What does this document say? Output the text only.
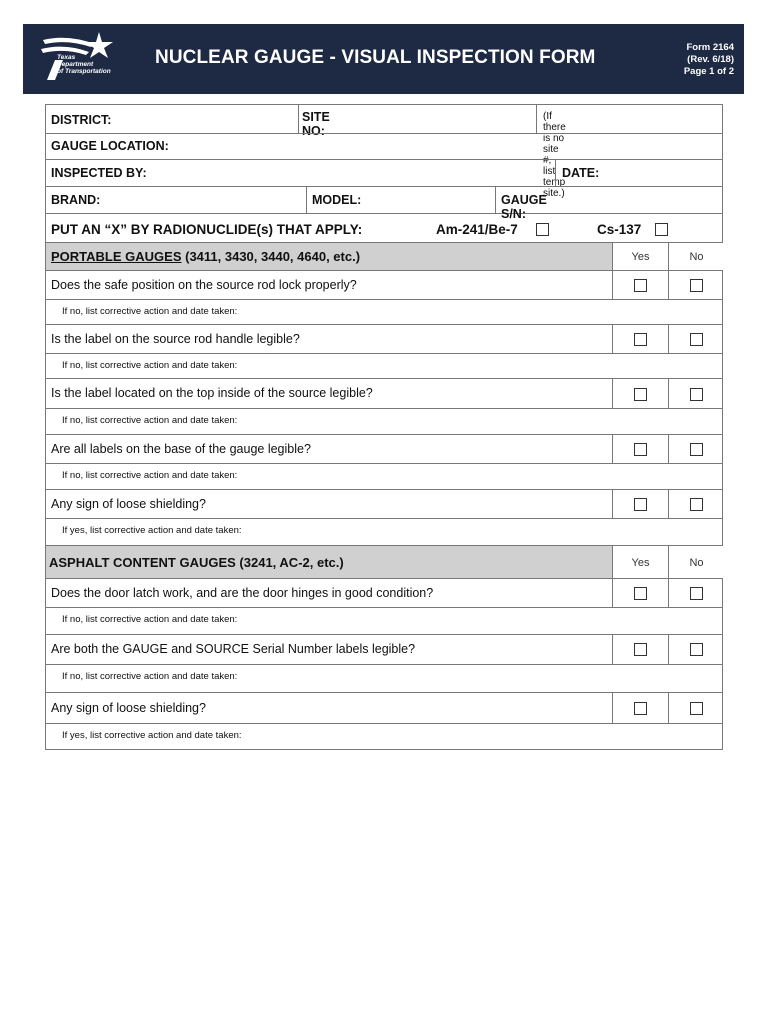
Texas
Department
of Transportation
NUCLEAR GAUGE - VISUAL INSPECTION FORM	Form 2164
(Rev. 6/18)
Page 1 of 2
DISTRICT:	SITE NO:
(If there is no site #, list temp site.)
GAUGE LOCATION:
INSPECTED BY:	DATE:
BRAND:	MODEL:	GAUGE S/N:
PUT AN “X” BY RADIONUCLIDE(s) THAT APPLY:	Am-241/Be-7	Cs-137
PORTABLE GAUGES (3411, 3430, 3440, 4640, etc.)	Yes	No
Does the safe position on the source rod lock properly?
If no, list corrective action and date taken:
Is the label on the source rod handle legible?
If no, list corrective action and date taken:
Is the label located on the top inside of the source legible?
If no, list corrective action and date taken:
Are all labels on the base of the gauge legible?
If no, list corrective action and date taken:
Any sign of loose shielding?
If yes, list corrective action and date taken:
ASPHALT CONTENT GAUGES (3241, AC-2, etc.)	Yes	No
Does the door latch work, and are the door hinges in good condition?
If no, list corrective action and date taken:
Are both the GAUGE and SOURCE Serial Number labels legible?
If no, list corrective action and date taken:
Any sign of loose shielding?
If yes, list corrective action and date taken:
